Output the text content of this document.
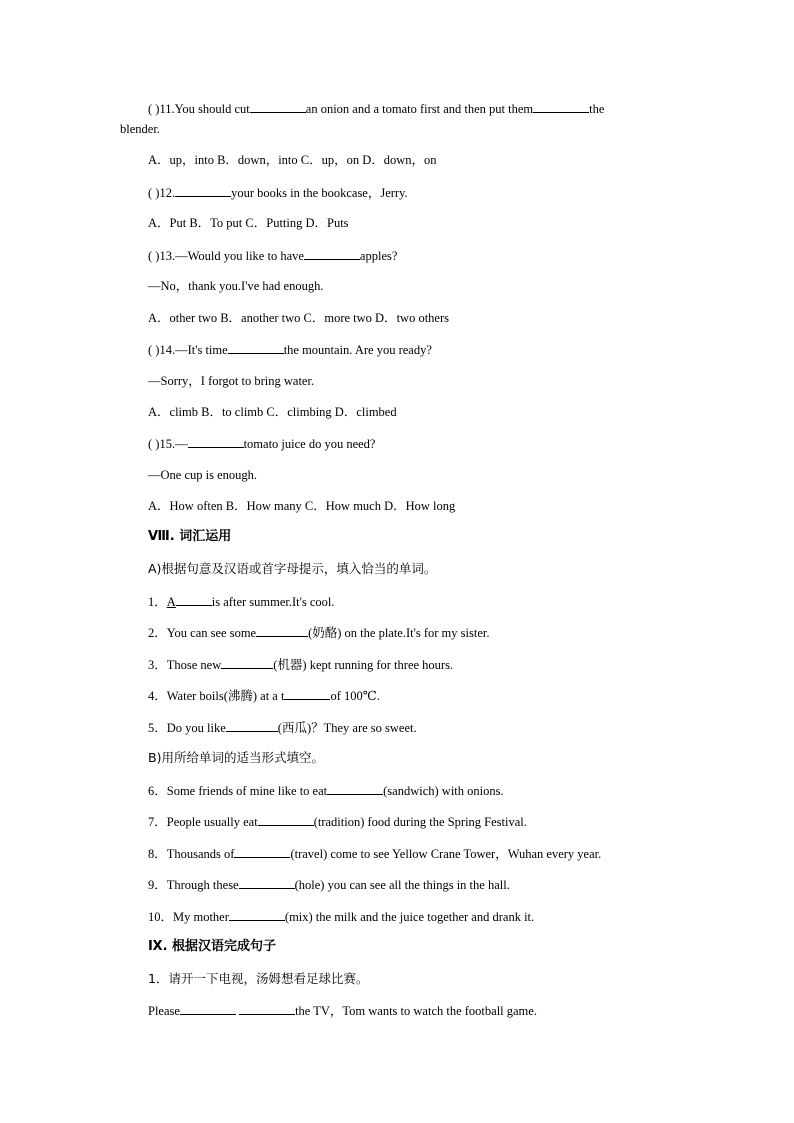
( )11.You should cut	an onion and a tomato first and then put them	the
blender.
A．up，into B．down，into C．up，on D．down，on
( )12.	your books in the bookcase，Jerry.
A．Put B．To put C．Putting D．Puts
( )13.—Would you like to have	apples?
—No，thank you.I've had enough.
A．other two B．another two C．more two D．two others
( )14.—It's time	the mountain. Are you ready?
—Sorry，I forgot to bring water.
A．climb B．to climb C．climbing D．climbed
( )15.—	tomato juice do you need?
—One cup is enough.
A．How often B．How many C．How much D．How long
Ⅷ. 词汇运用
A)根据句意及汉语或首字母提示，填入恰当的单词。
1．A	is after summer.It's cool.
2．You can see some	(奶酪) on the plate.It's for my sister.
3．Those new	(机器) kept running for three hours.
4．Water boils(沸腾) at a t	of 100℃.
5．Do you like	(西瓜)？They are so sweet.
B)用所给单词的适当形式填空。
6．Some friends of mine like to eat	(sandwich) with onions.
7．People usually eat	(tradition) food during the Spring Festival.
8．Thousands of	(travel) come to see Yellow Crane Tower，Wuhan every year.
9．Through these	(hole) you can see all the things in the hall.
10．My mother	(mix) the milk and the juice together and drank it.
Ⅸ. 根据汉语完成句子
1．请开一下电视，汤姆想看足球比赛。
Please	the TV，Tom wants to watch the football game.
